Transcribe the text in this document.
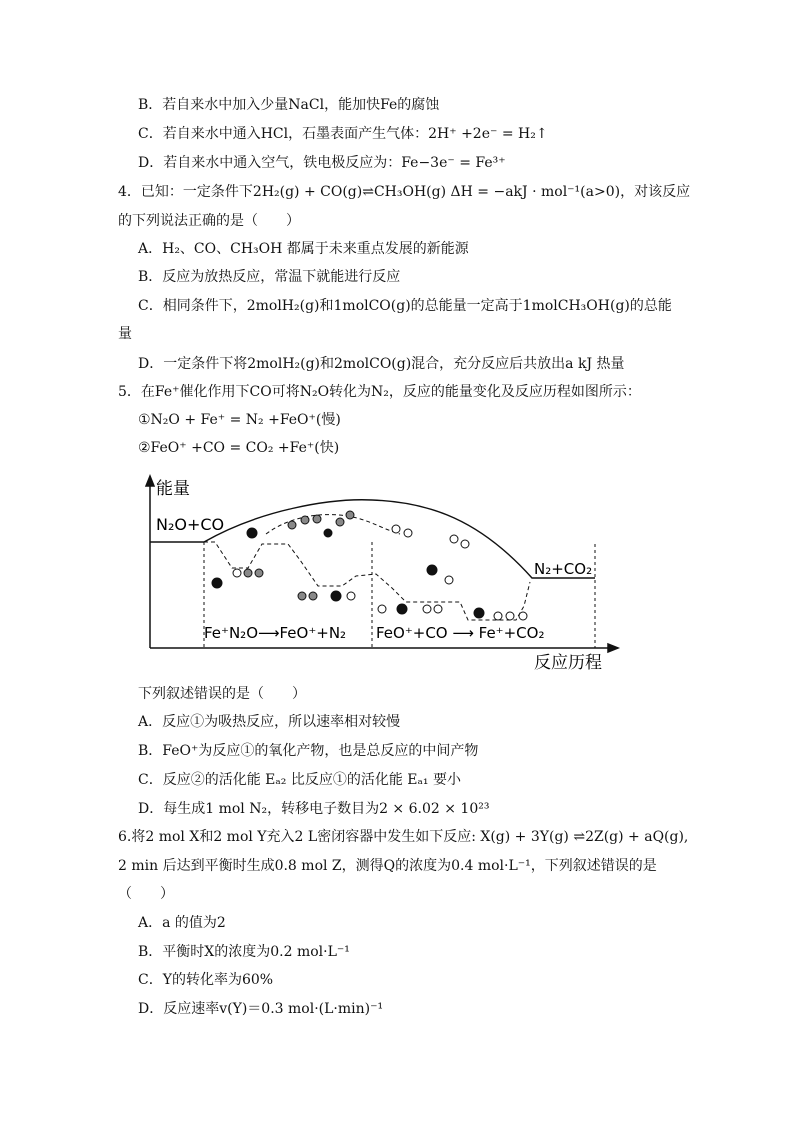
B．若自来水中加入少量NaCl，能加快Fe的腐蚀
C．若自来水中通入HCl，石墨表面产生气体：2H⁺ +2e⁻ = H₂↑
D．若自来水中通入空气，铁电极反应为：Fe−3e⁻ = Fe³⁺
4．已知：一定条件下2H₂(g) + CO(g)⇌CH₃OH(g) ΔH = −akJ · mol⁻¹(a>0)，对该反应
的下列说法正确的是（　　）
A．H₂、CO、CH₃OH 都属于未来重点发展的新能源
B．反应为放热反应，常温下就能进行反应
C．相同条件下，2molH₂(g)和1molCO(g)的总能量一定高于1molCH₃OH(g)的总能
量
D．一定条件下将2molH₂(g)和2molCO(g)混合，充分反应后共放出a kJ 热量
5．在Fe⁺催化作用下CO可将N₂O转化为N₂，反应的能量变化及反应历程如图所示：
①N₂O + Fe⁺ = N₂ +FeO⁺(慢)
②FeO⁺ +CO = CO₂ +Fe⁺(快)
能量
反应历程
N₂O+CO
N₂+CO₂
Fe⁺N₂O⟶FeO⁺+N₂ FeO⁺+CO ⟶ Fe⁺+CO₂
下列叙述错误的是（　　）
A．反应①为吸热反应，所以速率相对较慢
B．FeO⁺为反应①的氧化产物，也是总反应的中间产物
C．反应②的活化能 Eₐ₂ 比反应①的活化能 Eₐ₁ 要小
D．每生成1 mol N₂，转移电子数目为2 × 6.02 × 10²³
6.将2 mol X和2 mol Y充入2 L密闭容器中发生如下反应: X(g) + 3Y(g) ⇌2Z(g) + aQ(g),
2 min 后达到平衡时生成0.8 mol Z，测得Q的浓度为0.4 mol·L⁻¹，下列叙述错误的是
（　　）
A．a 的值为2
B．平衡时X的浓度为0.2 mol·L⁻¹
C．Y的转化率为60%
D．反应速率v(Y)＝0.3 mol·(L·min)⁻¹
